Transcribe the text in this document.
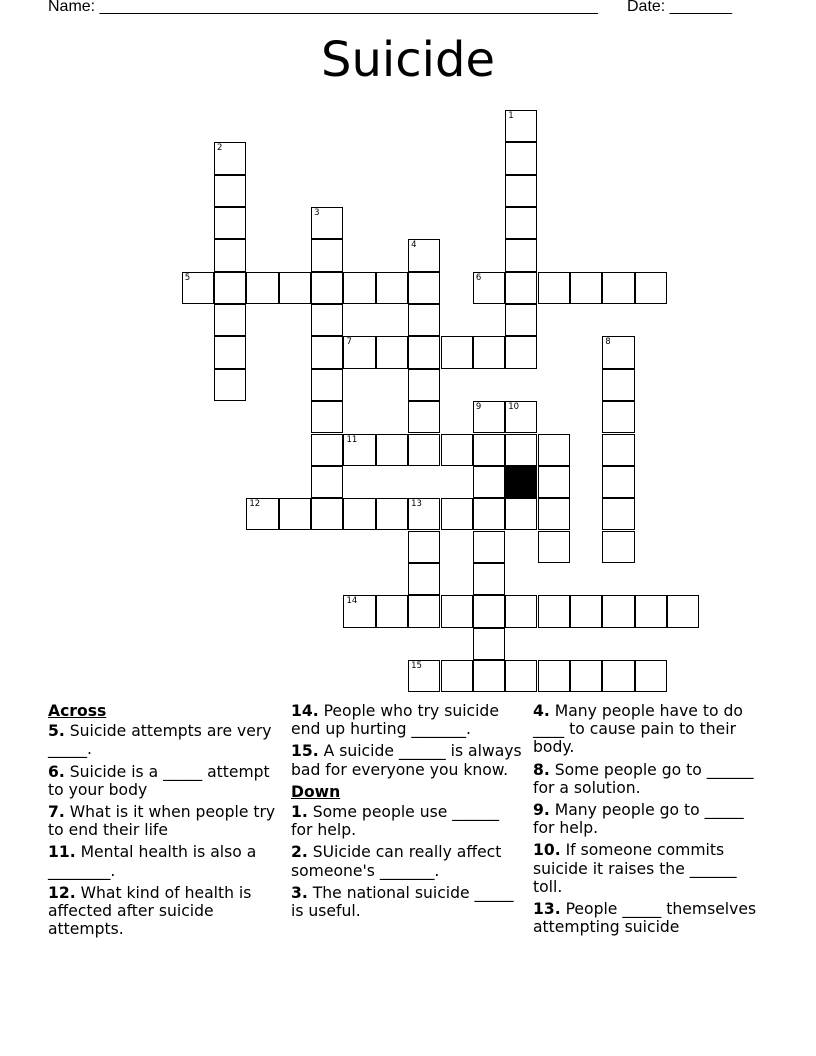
Name: ________________________________________________________ Date: _______
Suicide
1
2
3
4
5	6
7	8
9	10
11
12	13
14
15
Across
5. Suicide attempts are very _____.
6. Suicide is a _____ attempt to your body
7. What is it when people try to end their life
11. Mental health is also a ________.
12. What kind of health is affected after suicide attempts.
14. People who try suicide end up hurting _______.
15. A suicide ______ is always bad for everyone you know.
Down
1. Some people use ______ for help.
2. SUicide can really affect someone's _______.
3. The national suicide _____ is useful.
4. Many people have to do ____ to cause pain to their body.
8. Some people go to ______ for a solution.
9. Many people go to _____ for help.
10. If someone commits suicide it raises the ______ toll.
13. People _____ themselves attempting suicide
